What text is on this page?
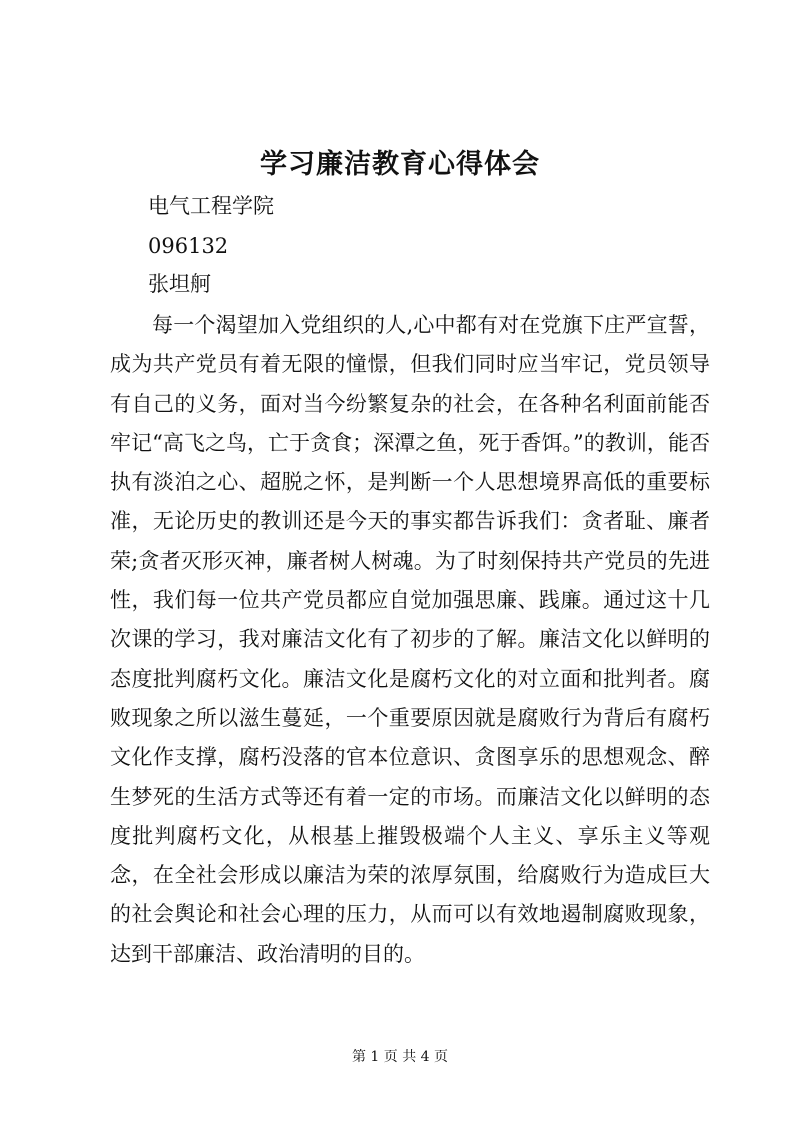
学习廉洁教育心得体会
电气工程学院
096132
张坦舸

每一个渴望加入党组织的人,心中都有对在党旗下庄严宣誓，成为共产党员有着无限的憧憬，但我们同时应当牢记，党员领导有自己的义务，面对当今纷繁复杂的社会，在各种名利面前能否牢记“高飞之鸟，亡于贪食；深潭之鱼，死于香饵。”的教训，能否执有淡泊之心、超脱之怀，是判断一个人思想境界高低的重要标准，无论历史的教训还是今天的事实都告诉我们：贪者耻、廉者荣;贪者灭形灭神，廉者树人树魂。为了时刻保持共产党员的先进性，我们每一位共产党员都应自觉加强思廉、践廉。通过这十几次课的学习，我对廉洁文化有了初步的了解。廉洁文化以鲜明的态度批判腐朽文化。廉洁文化是腐朽文化的对立面和批判者。腐败现象之所以滋生蔓延，一个重要原因就是腐败行为背后有腐朽文化作支撑，腐朽没落的官本位意识、贪图享乐的思想观念、醉生梦死的生活方式等还有着一定的市场。而廉洁文化以鲜明的态度批判腐朽文化，从根基上摧毁极端个人主义、享乐主义等观念，在全社会形成以廉洁为荣的浓厚氛围，给腐败行为造成巨大的社会舆论和社会心理的压力，从而可以有效地遏制腐败现象，达到干部廉洁、政治清明的目的。

第 1 页 共 4 页
